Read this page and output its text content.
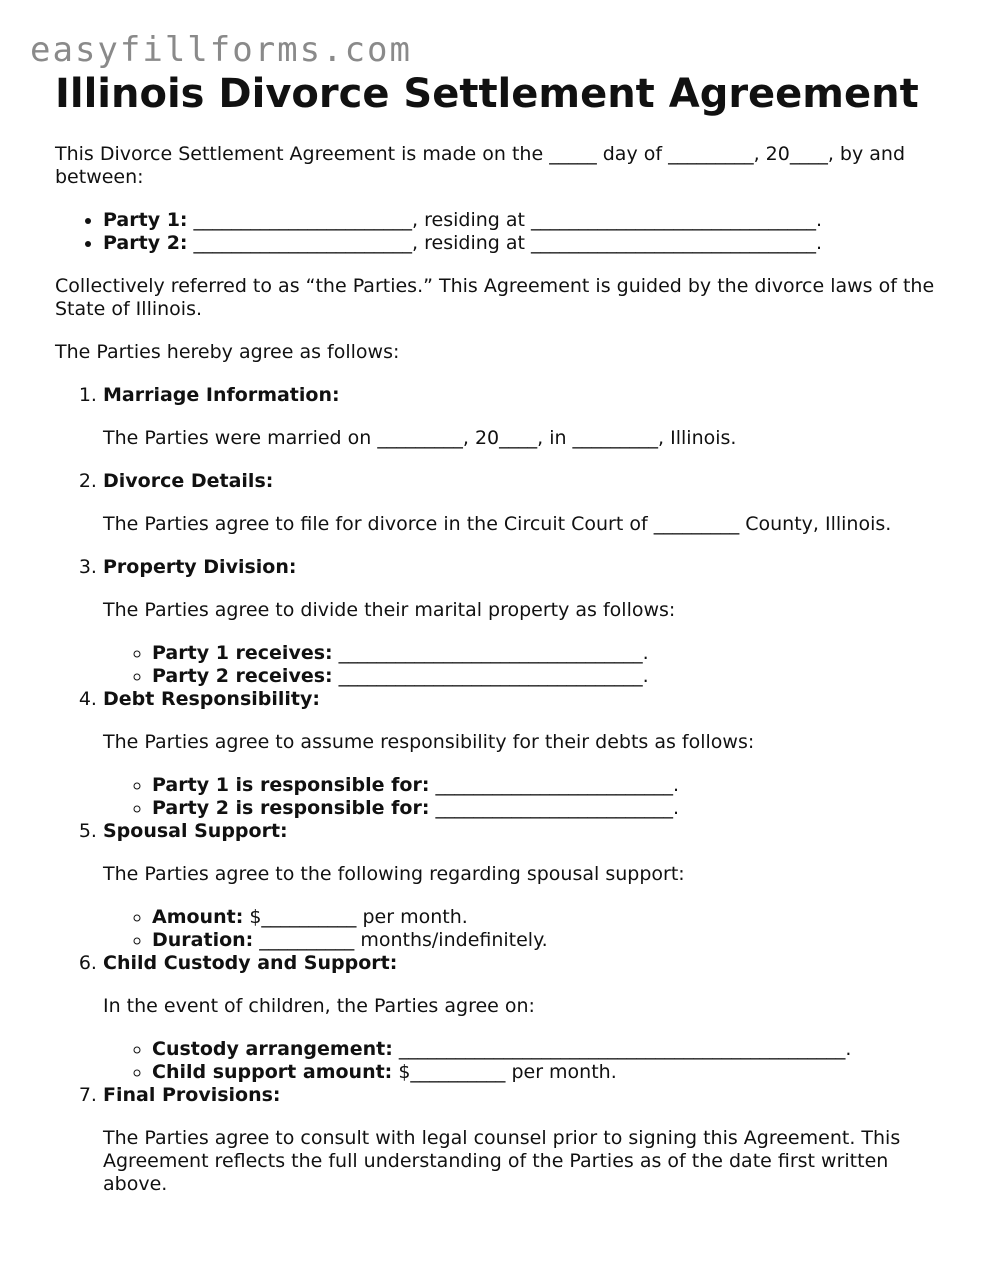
easyfillforms.com
Illinois Divorce Settlement Agreement

This Divorce Settlement Agreement is made on the _____ day of _________, 20____, by and between:

• Party 1: _______________________, residing at ______________________________.
• Party 2: _______________________, residing at ______________________________.

Collectively referred to as “the Parties.” This Agreement is guided by the divorce laws of the State of Illinois.

The Parties hereby agree as follows:

1. Marriage Information:
The Parties were married on _________, 20____, in _________, Illinois.
2. Divorce Details:
The Parties agree to file for divorce in the Circuit Court of _________ County, Illinois.
3. Property Division:
The Parties agree to divide their marital property as follows:
◦ Party 1 receives: ________________________________.
◦ Party 2 receives: ________________________________.
4. Debt Responsibility:
The Parties agree to assume responsibility for their debts as follows:
◦ Party 1 is responsible for: _________________________.
◦ Party 2 is responsible for: _________________________.
5. Spousal Support:
The Parties agree to the following regarding spousal support:
◦ Amount: $__________ per month.
◦ Duration: __________ months/indefinitely.
6. Child Custody and Support:
In the event of children, the Parties agree on:
◦ Custody arrangement: _______________________________________________.
◦ Child support amount: $__________ per month.
7. Final Provisions:
The Parties agree to consult with legal counsel prior to signing this Agreement. This Agreement reflects the full understanding of the Parties as of the date first written above.
